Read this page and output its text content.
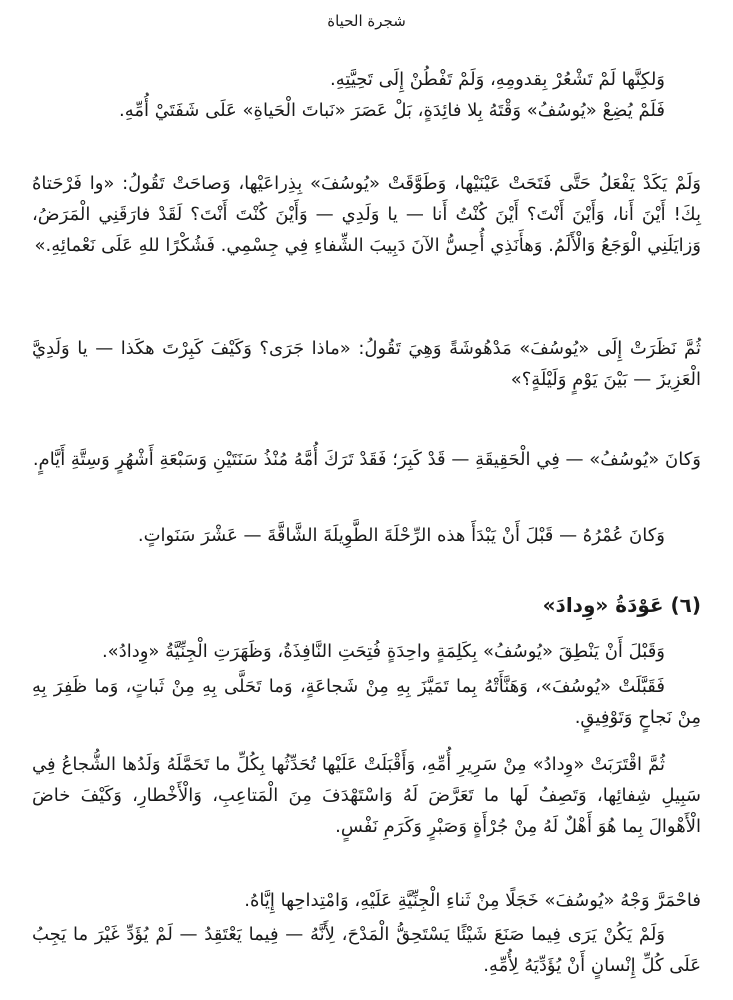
شجرة الحياة

وَلكِنَّها لَمْ تَشْعُرْ بِقدومِهِ، وَلَمْ تَفْطُنْ إِلَى تَحِيَّتِهِ.

فَلَمْ يُضِعْ «يُوسُفُ» وَقْتَهُ بِلا فائِدَةٍ، بَلْ عَصَرَ «نَباتَ الْحَياةِ» عَلَى شَفَتَيْ أُمِّهِ.

وَلَمْ يَكَدْ يَفْعَلُ حَتَّى فَتَحَتْ عَيْنَيْها، وَطَوَّقَتْ «يُوسُفَ» بِذِراعَيْها، وَصاحَتْ تَقُولُ: «وا فَرْحَتاهُ بِكَ! أَيْنَ أَنا، وَأَيْنَ أَنْتَ؟ أَيْنَ كُنْتُ أَنا — يا وَلَدِي — وَأَيْنَ كُنْتَ أَنْتَ؟ لَقَدْ فارَقَنِي الْمَرَضُ، وَزايَلَنِي الْوَجَعُ وَالْأَلَمُ. وَهأَنَذِي أُحِسُّ الآنَ دَبِيبَ الشِّفاءِ فِي جِسْمِي. فَشُكْرًا للهِ عَلَى نَعْمائِهِ.»

ثُمَّ نَظَرَتْ إِلَى «يُوسُفَ» مَدْهُوشَةً وَهِيَ تَقُولُ: «ماذا جَرَى؟ وَكَيْفَ كَبِرْتَ هكَذا — يا وَلَدِيَّ الْعَزِيزَ — بَيْنَ يَوْمٍ وَلَيْلَةٍ؟»

وَكانَ «يُوسُفُ» — فِي الْحَقِيقَةِ — قَدْ كَبِرَ؛ فَقَدْ تَرَكَ أُمَّهُ مُنْذُ سَنَتَيْنِ وَسَبْعَةِ أَشْهُرٍ وَسِتَّةِ أَيَّامٍ.

وَكانَ عُمْرُهُ — قَبْلَ أَنْ يَبْدَأَ هذه الرِّحْلَةَ الطَّوِيلَةَ الشَّاقَّةَ — عَشْرَ سَنَواتٍ.

(٦) عَوْدَةُ «وِدادَ»

وَقَبْلَ أَنْ يَنْطِقَ «يُوسُفُ» بِكَلِمَةٍ واحِدَةٍ فُتِحَتِ النَّافِذَةُ، وَظَهَرَتِ الْجِنِّيَّةُ «وِدادُ».

فَقَبَّلَتْ «يُوسُفَ»، وَهَنَّأَتْهُ بِما تَمَيَّزَ بِهِ مِنْ شَجاعَةٍ، وَما تَحَلَّى بِهِ مِنْ ثَباتٍ، وَما ظَفِرَ بِهِ مِنْ نَجاحٍ وَتَوْفِيقٍ.

ثُمَّ اقْتَرَبَتْ «وِدادُ» مِنْ سَرِيرِ أُمِّهِ، وَأَقْبَلَتْ عَلَيْها تُحَدِّثُها بِكُلِّ ما تَحَمَّلَهُ وَلَدُها الشُّجاعُ فِي سَبِيلِ شِفائِها، وَتَصِفُ لَها ما تَعَرَّضَ لَهُ وَاسْتَهْدَفَ مِنَ الْمَتاعِبِ، وَالْأَخْطارِ، وَكَيْفَ خاضَ الْأَهْوالَ بِما هُوَ أَهْلٌ لَهُ مِنْ جُرْأَةٍ وَصَبْرٍ وَكَرَمِ نَفْسٍ.

فاحْمَرَّ وَجْهُ «يُوسُفَ» خَجَلًا مِنْ ثَناءِ الْجِنِّيَّةِ عَلَيْهِ، وَامْتِداحِها إِيَّاهُ.

وَلَمْ يَكُنْ يَرَى فِيما صَنَعَ شَيْئًا يَسْتَحِقُّ الْمَدْحَ، لِأَنَّهُ — فِيما يَعْتَقِدُ — لَمْ يُؤَدِّ غَيْرَ ما يَجِبُ عَلَى كُلِّ إِنْسانٍ أَنْ يُؤَدِّيَهُ لِأُمِّهِ.
